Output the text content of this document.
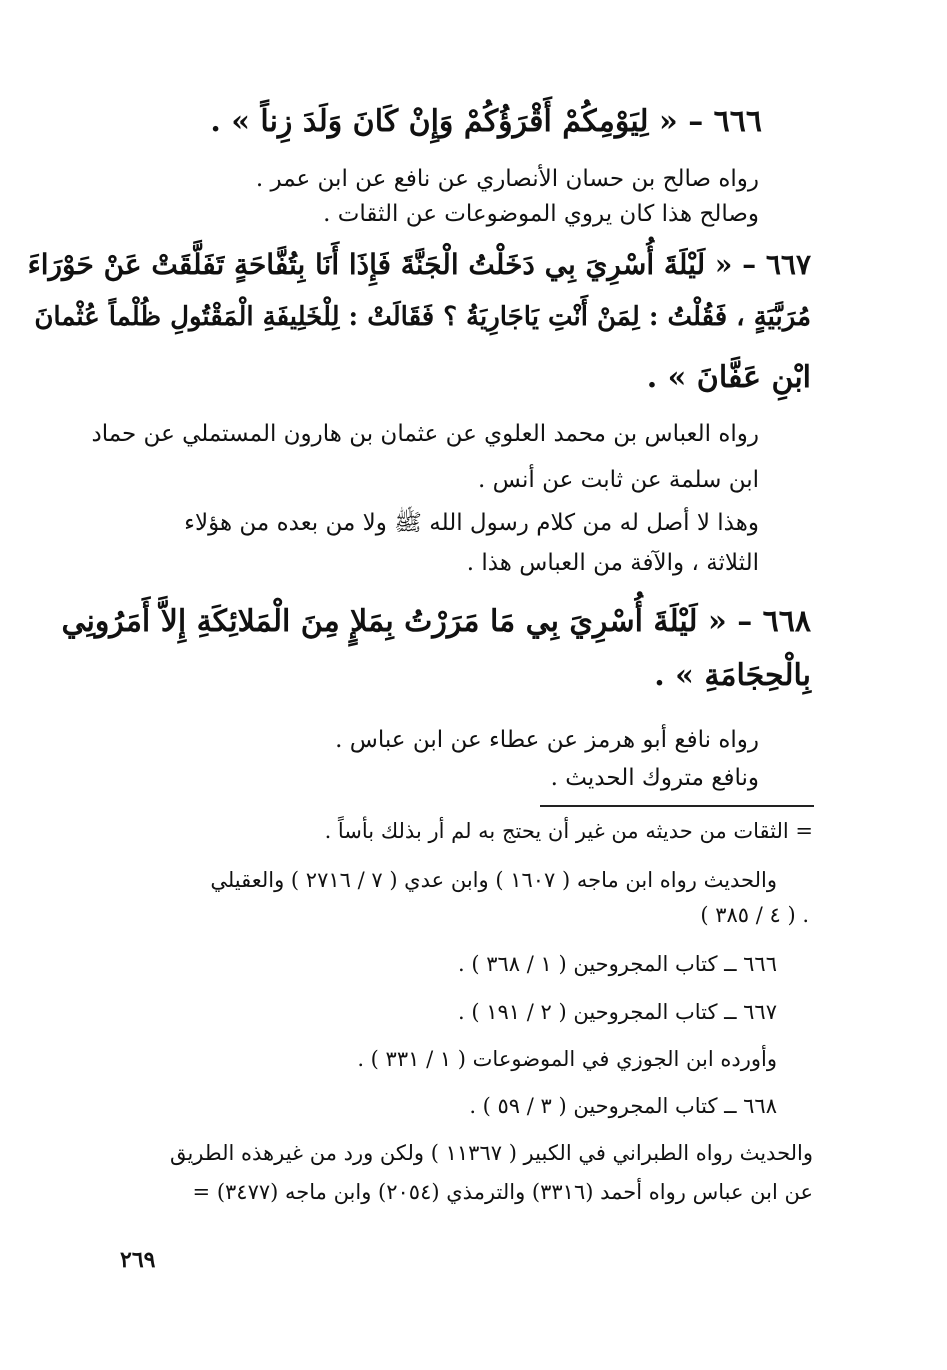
٦٦٦ – « لِيَوْمِكُمْ أَقْرَؤُكُمْ وَإِنْ كَانَ وَلَدَ زِناً » .
رواه صالح بن حسان الأنصاري عن نافع عن ابن عمر .
وصالح هذا كان يروي الموضوعات عن الثقات .
٦٦٧ – « لَيْلَةَ أُسْرِيَ بِي دَخَلْتُ الْجَنَّةَ فَإِذَا أَنَا بِتُفَّاحَةٍ تَفَلَّقَتْ عَنْ حَوْرَاءَ
مُرَبَّيَةٍ ، فَقُلْتُ : لِمَنْ أَنْتِ يَاجَارِيَةُ ؟ فَقَالَتْ : لِلْخَلِيفَةِ الْمَقْتُولِ ظُلْماً عُثْمانَ
ابْنِ عَفَّانَ » .
رواه العباس بن محمد العلوي عن عثمان بن هارون المستملي عن حماد
ابن سلمة عن ثابت عن أنس .
وهذا لا أصل له من كلام رسول الله ﷺ ولا من بعده من هؤلاء
الثلاثة ، والآفة من العباس هذا .
٦٦٨ – « لَيْلَةَ أُسْرِيَ بِي مَا مَرَرْتُ بِمَلإٍ مِنَ الْمَلائِكَةِ إِلاَّ أَمَرُونِي
بِالْحِجَامَةِ » .
رواه نافع أبو هرمز عن عطاء عن ابن عباس .
ونافع متروك الحديث .
= الثقات من حديثه من غير أن يحتج به لم أر بذلك بأساً .
والحديث رواه ابن ماجه ( ١٦٠٧ ) وابن عدي ( ٧ / ٢٧١٦ ) والعقيلي
( ٤ / ٣٨٥ ) .
٦٦٦ ــ كتاب المجروحين ( ١ / ٣٦٨ ) .
٦٦٧ ــ كتاب المجروحين ( ٢ / ١٩١ ) .
وأورده ابن الجوزي في الموضوعات ( ١ / ٣٣١ ) .
٦٦٨ ــ كتاب المجروحين ( ٣ / ٥٩ ) .
والحديث رواه الطبراني في الكبير ( ١١٣٦٧ ) ولكن ورد من غيرهذه الطريق
عن ابن عباس رواه أحمد (٣٣١٦) والترمذي (٢٠٥٤) وابن ماجه (٣٤٧٧) =
٢٦٩
